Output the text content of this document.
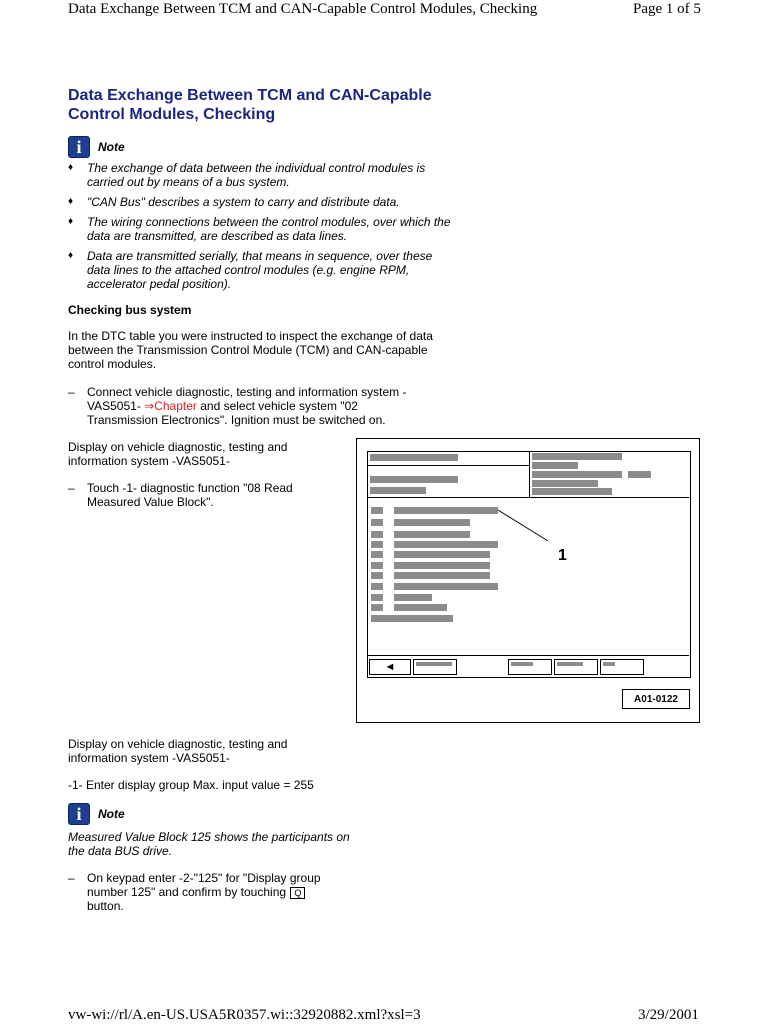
Data Exchange Between TCM and CAN-Capable Control Modules, Checking	Page 1 of 5
Data Exchange Between TCM and CAN-Capable Control Modules, Checking
i Note
♦ The exchange of data between the individual control modules is carried out by means of a bus system.
♦ "CAN Bus" describes a system to carry and distribute data.
♦ The wiring connections between the control modules, over which the data are transmitted, are described as data lines.
♦ Data are transmitted serially, that means in sequence, over these data lines to the attached control modules (e.g. engine RPM, accelerator pedal position).
Checking bus system
In the DTC table you were instructed to inspect the exchange of data between the Transmission Control Module (TCM) and CAN-capable control modules.
– Connect vehicle diagnostic, testing and information system -VAS5051- ⇒Chapter and select vehicle system "02 Transmission Electronics". Ignition must be switched on.
Display on vehicle diagnostic, testing and information system -VAS5051-
– Touch -1- diagnostic function "08 Read Measured Value Block".
1
◄
A01-0122
Display on vehicle diagnostic, testing and information system -VAS5051-
-1- Enter display group Max. input value = 255
i Note
Measured Value Block 125 shows the participants on the data BUS drive.
– On keypad enter -2-"125" for "Display group number 125" and confirm by touching Q button.
vw-wi://rl/A.en-US.USA5R0357.wi::32920882.xml?xsl=3	3/29/2001
